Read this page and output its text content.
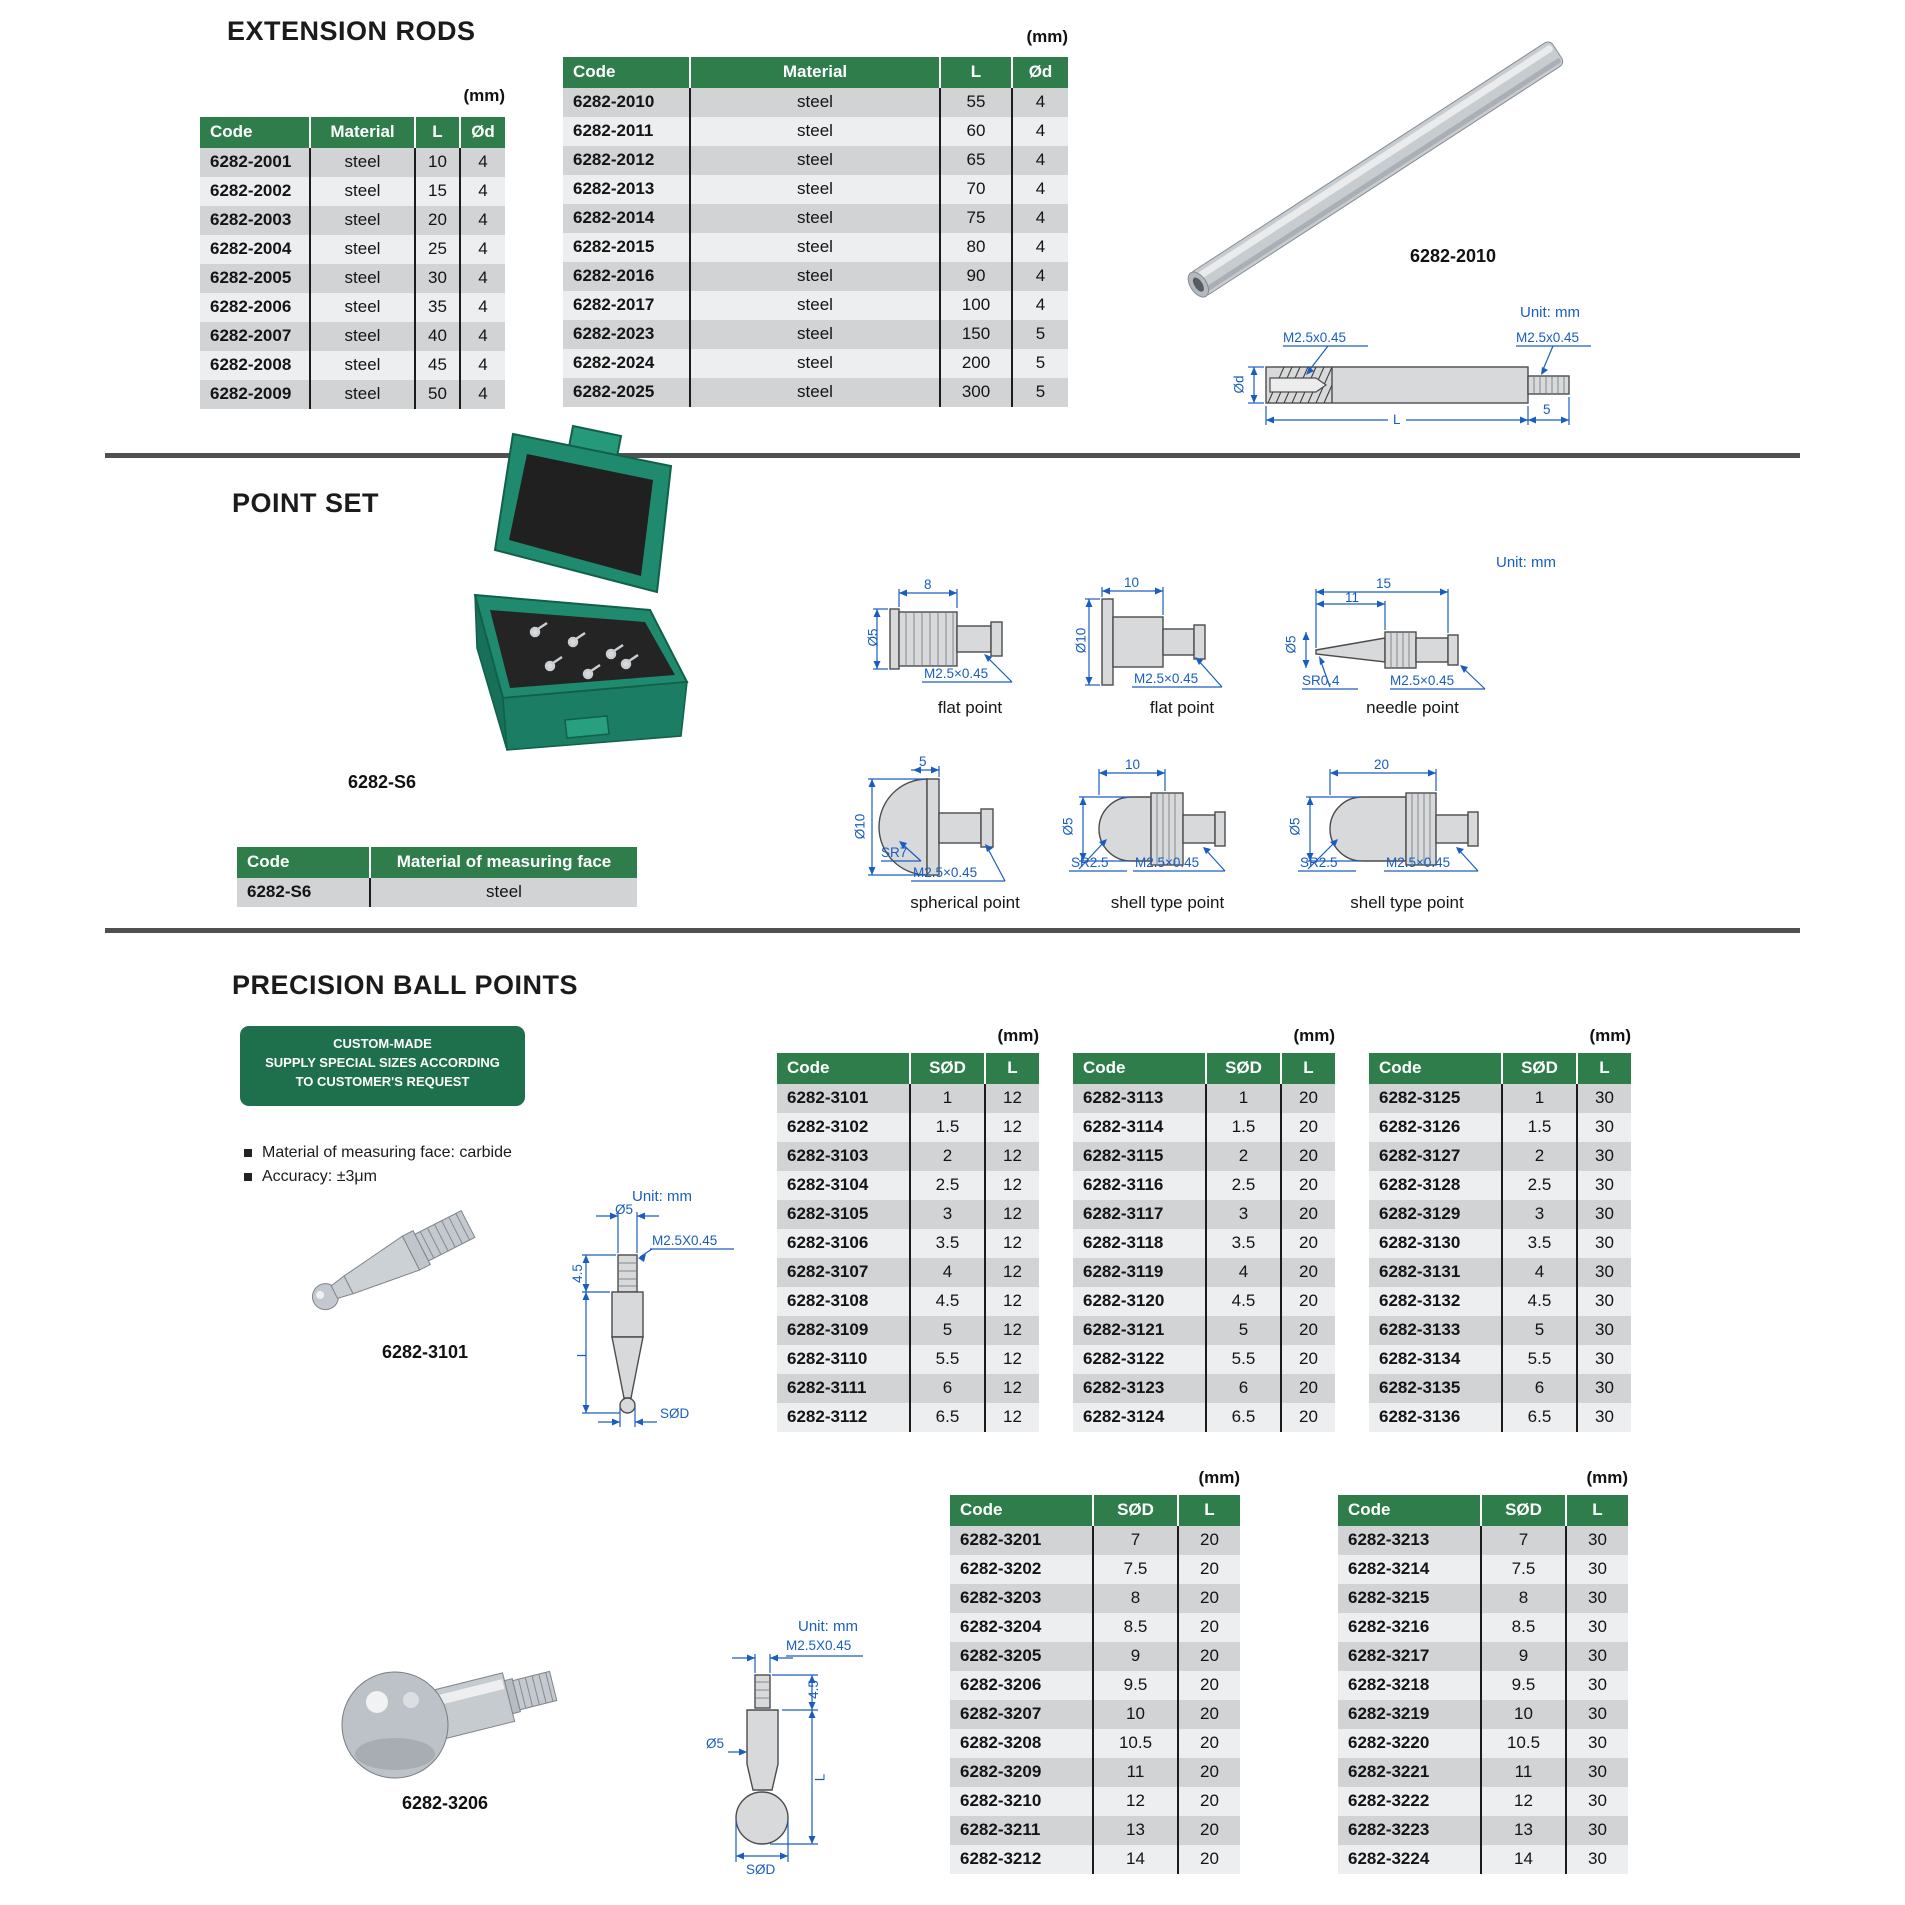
EXTENSION RODS
(mm)
Code	Material	L	Ød
6282-2001	steel	10	4
6282-2002	steel	15	4
6282-2003	steel	20	4
6282-2004	steel	25	4
6282-2005	steel	30	4
6282-2006	steel	35	4
6282-2007	steel	40	4
6282-2008	steel	45	4
6282-2009	steel	50	4
(mm)
Code	Material	L	Ød
6282-2010	steel	55	4
6282-2011	steel	60	4
6282-2012	steel	65	4
6282-2013	steel	70	4
6282-2014	steel	75	4
6282-2015	steel	80	4
6282-2016	steel	90	4
6282-2017	steel	100	4
6282-2023	steel	150	5
6282-2024	steel	200	5
6282-2025	steel	300	5
6282-2010
Unit: mm
M2.5x0.45	M2.5x0.45
Ød
L
5
POINT SET
6282-S6
Code	Material of measuring face
6282-S6	steel
Unit: mm
8
Ø5
M2.5×0.45
flat point
10
Ø10
M2.5×0.45
flat point
15
11
Ø5
SR0.4	M2.5×0.45
needle point
5
Ø10
SR7
M2.5×0.45
spherical point
10
Ø5
SR2.5 M2.5×0.45
shell type point
20
Ø5
SR2.5	M2.5×0.45
shell type point
PRECISION BALL POINTS
CUSTOM-MADE
SUPPLY SPECIAL SIZES ACCORDING
TO CUSTOMER'S REQUEST
Material of measuring face: carbide
Accuracy: ±3μm
6282-3101
Unit: mm
Ø5
M2.5X0.45
4.5
L
SØD
(mm)
Code	SØD	L
6282-3101	1	12
6282-3102	1.5	12
6282-3103	2	12
6282-3104	2.5	12
6282-3105	3	12
6282-3106	3.5	12
6282-3107	4	12
6282-3108	4.5	12
6282-3109	5	12
6282-3110	5.5	12
6282-3111	6	12
6282-3112	6.5	12
(mm)
Code	SØD	L
6282-3113	1	20
6282-3114	1.5	20
6282-3115	2	20
6282-3116	2.5	20
6282-3117	3	20
6282-3118	3.5	20
6282-3119	4	20
6282-3120	4.5	20
6282-3121	5	20
6282-3122	5.5	20
6282-3123	6	20
6282-3124	6.5	20
(mm)
Code	SØD	L
6282-3125	1	30
6282-3126	1.5	30
6282-3127	2	30
6282-3128	2.5	30
6282-3129	3	30
6282-3130	3.5	30
6282-3131	4	30
6282-3132	4.5	30
6282-3133	5	30
6282-3134	5.5	30
6282-3135	6	30
6282-3136	6.5	30
6282-3206
Unit: mm
M2.5X0.45
4.5
Ø5
L
SØD
(mm)
Code	SØD	L
6282-3201	7	20
6282-3202	7.5	20
6282-3203	8	20
6282-3204	8.5	20
6282-3205	9	20
6282-3206	9.5	20
6282-3207	10	20
6282-3208	10.5	20
6282-3209	11	20
6282-3210	12	20
6282-3211	13	20
6282-3212	14	20
(mm)
Code	SØD	L
6282-3213	7	30
6282-3214	7.5	30
6282-3215	8	30
6282-3216	8.5	30
6282-3217	9	30
6282-3218	9.5	30
6282-3219	10	30
6282-3220	10.5	30
6282-3221	11	30
6282-3222	12	30
6282-3223	13	30
6282-3224	14	30
